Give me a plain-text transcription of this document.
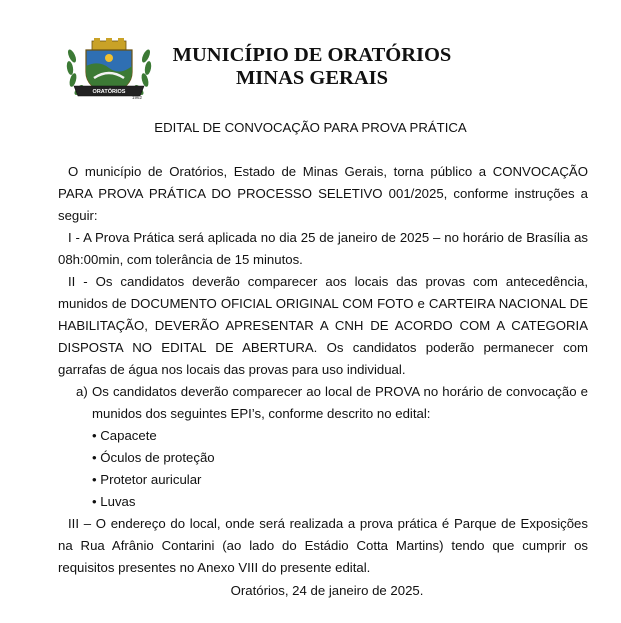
ORATÓRIOS
1962
MUNICÍPIO DE ORATÓRIOS
MINAS GERAIS
EDITAL DE CONVOCAÇÃO PARA PROVA PRÁTICA

O município de Oratórios, Estado de Minas Gerais, torna público a CONVOCAÇÃO PARA PROVA PRÁTICA DO PROCESSO SELETIVO 001/2025, conforme instruções a seguir:

I - A Prova Prática será aplicada no dia 25 de janeiro de 2025 – no horário de Brasília as 08h:00min, com tolerância de 15 minutos.

II - Os candidatos deverão comparecer aos locais das provas com antecedência, munidos de DOCUMENTO OFICIAL ORIGINAL COM FOTO e CARTEIRA NACIONAL DE HABILITAÇÃO, DEVERÃO APRESENTAR A CNH DE ACORDO COM A CATEGORIA DISPOSTA NO EDITAL DE ABERTURA. Os candidatos poderão permanecer com garrafas de água nos locais das provas para uso individual.

a) Os candidatos deverão comparecer ao local de PROVA no horário de convocação e munidos dos seguintes EPI’s, conforme descrito no edital:
• Capacete
• Óculos de proteção
• Protetor auricular
• Luvas

III – O endereço do local, onde será realizada a prova prática é Parque de Exposições na Rua Afrânio Contarini (ao lado do Estádio Cotta Martins) tendo que cumprir os requisitos presentes no Anexo VIII do presente edital.

Oratórios, 24 de janeiro de 2025.
